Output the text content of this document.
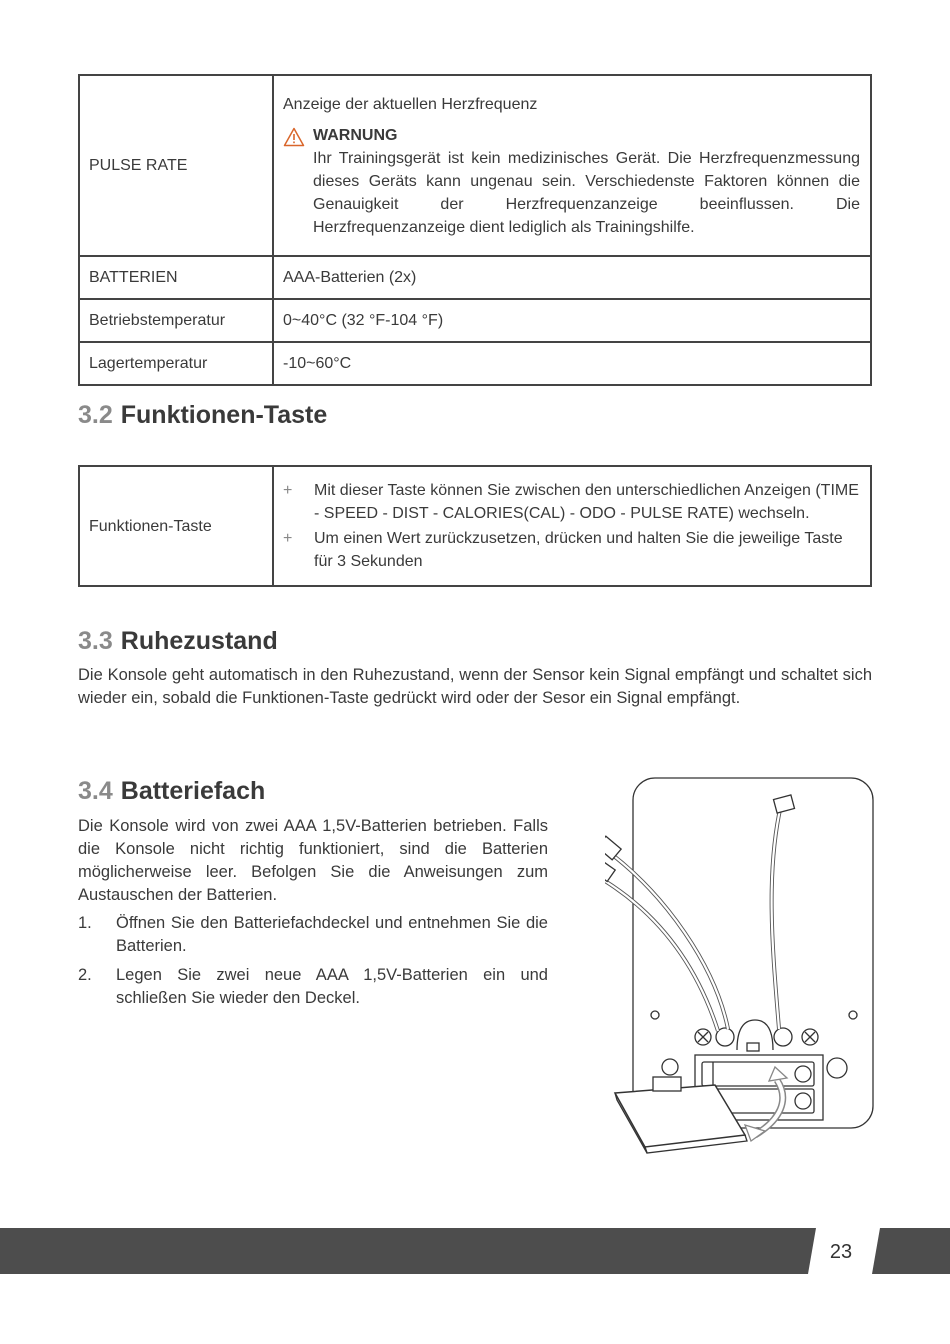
PULSE RATE	Anzeige der aktuellen Herzfrequenz
WARNUNG
Ihr Trainingsgerät ist kein medizinisches Gerät. Die Herzfrequenzmessung dieses Geräts kann ungenau sein. Verschiedenste Faktoren können die Genauigkeit der Herzfrequenzanzeige beeinflussen. Die Herzfrequenzanzeige dient lediglich als Trainingshilfe.

BATTERIEN	AAA-Batterien (2x)
Betriebstemperatur	0~40°C (32 °F-104 °F)
Lagertemperatur	-10~60°C
3.2 Funktionen-Taste
Funktionen-Taste	
+	Mit dieser Taste können Sie zwischen den unterschiedlichen Anzeigen (TIME - SPEED - DIST - CALORIES(CAL) - ODO - PULSE RATE) wechseln.
+	Um einen Wert zurückzusetzen, drücken und halten Sie die jeweilige Taste für 3 Sekunden
3.3 Ruhezustand
Die Konsole geht automatisch in den Ruhezustand, wenn der Sensor kein Signal empfängt und schaltet sich wieder ein, sobald die Funktionen-Taste gedrückt wird oder der Sesor ein Signal empfängt.
3.4 Batteriefach
Die Konsole wird von zwei AAA 1,5V-Batterien betrieben. Falls die Konsole nicht richtig funktioniert, sind die Batterien möglicherweise leer. Befolgen Sie die Anweisungen zum Austauschen der Batterien.
1.	Öffnen Sie den Batteriefachdeckel und entnehmen Sie die Batterien.
2.	Legen Sie zwei neue AAA 1,5V-Batterien ein und schließen Sie wieder den Deckel.
23
